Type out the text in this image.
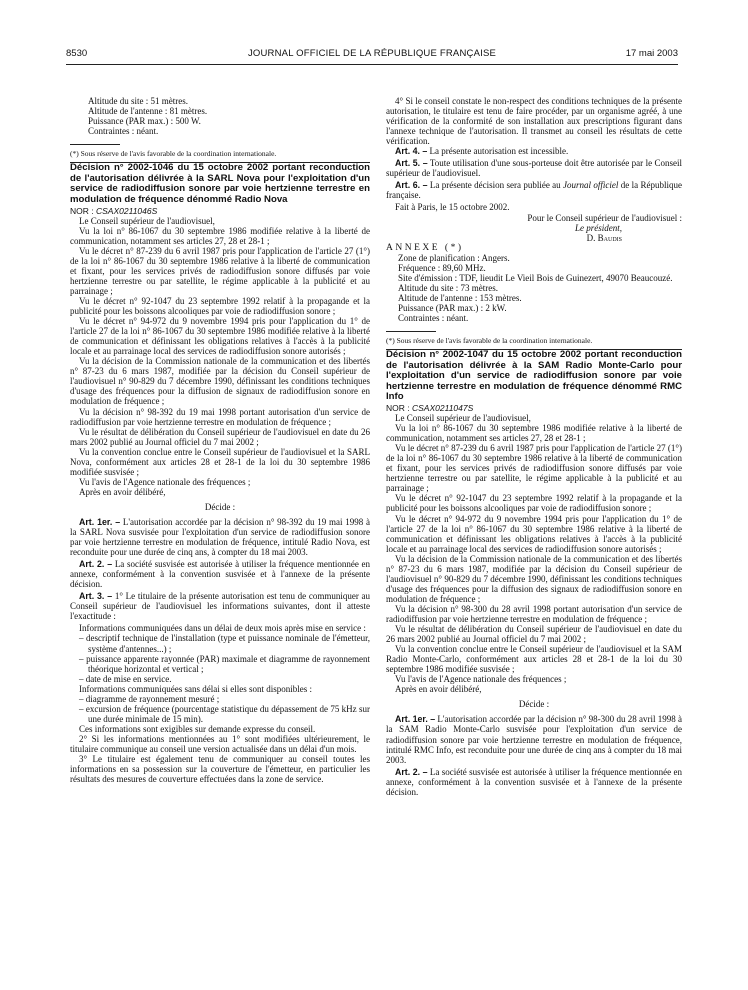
8530	JOURNAL OFFICIEL DE LA RÉPUBLIQUE FRANÇAISE	17 mai 2003
Altitude du site : 51 mètres.
Altitude de l'antenne : 81 mètres.
Puissance (PAR max.) : 500 W.
Contraintes : néant.

(*) Sous réserve de l'avis favorable de la coordination internationale.

Décision n° 2002-1046 du 15 octobre 2002 portant reconduction de l'autorisation délivrée à la SARL Nova pour l'exploitation d'un service de radiodiffusion sonore par voie hertzienne terrestre en modulation de fréquence dénommé Radio Nova

NOR : CSAX0211046S

Le Conseil supérieur de l'audiovisuel,

Vu la loi n° 86-1067 du 30 septembre 1986 modifiée relative à la liberté de communication, notamment ses articles 27, 28 et 28-1 ;

Vu le décret n° 87-239 du 6 avril 1987 pris pour l'application de l'article 27 (1°) de la loi n° 86-1067 du 30 septembre 1986 relative à la liberté de communication et fixant, pour les services privés de radiodiffusion sonore diffusés par voie hertzienne terrestre ou par satellite, le régime applicable à la publicité et au parrainage ;

Vu le décret n° 92-1047 du 23 septembre 1992 relatif à la propagande et la publicité pour les boissons alcooliques par voie de radiodiffusion sonore ;

Vu le décret n° 94-972 du 9 novembre 1994 pris pour l'application du 1° de l'article 27 de la loi n° 86-1067 du 30 septembre 1986 modifiée relative à la liberté de communication et définissant les obligations relatives à l'accès à la publicité locale et au parrainage local des services de radiodiffusion sonore autorisés ;

Vu la décision de la Commission nationale de la communication et des libertés n° 87-23 du 6 mars 1987, modifiée par la décision du Conseil supérieur de l'audiovisuel n° 90-829 du 7 décembre 1990, définissant les conditions techniques d'usage des fréquences pour la diffusion de signaux de radiodiffusion sonore en modulation de fréquence ;

Vu la décision n° 98-392 du 19 mai 1998 portant autorisation d'un service de radiodiffusion par voie hertzienne terrestre en modulation de fréquence ;

Vu le résultat de délibération du Conseil supérieur de l'audiovisuel en date du 26 mars 2002 publié au Journal officiel du 7 mai 2002 ;

Vu la convention conclue entre le Conseil supérieur de l'audiovisuel et la SARL Nova, conformément aux articles 28 et 28-1 de la loi du 30 septembre 1986 modifiée susvisée ;

Vu l'avis de l'Agence nationale des fréquences ;

Après en avoir délibéré,

Décide :

Art. 1er. – L'autorisation accordée par la décision n° 98-392 du 19 mai 1998 à la SARL Nova susvisée pour l'exploitation d'un service de radiodiffusion sonore par voie hertzienne terrestre en modulation de fréquence, intitulé Radio Nova, est reconduite pour une durée de cinq ans, à compter du 18 mai 2003.

Art. 2. – La société susvisée est autorisée à utiliser la fréquence mentionnée en annexe, conformément à la convention susvisée et à l'annexe de la présente décision.

Art. 3. – 1° Le titulaire de la présente autorisation est tenu de communiquer au Conseil supérieur de l'audiovisuel les informations suivantes, dont il atteste l'exactitude :

Informations communiquées dans un délai de deux mois après mise en service :

– descriptif technique de l'installation (type et puissance nominale de l'émetteur, système d'antennes...) ;
– puissance apparente rayonnée (PAR) maximale et diagramme de rayonnement théorique horizontal et vertical ;
– date de mise en service.

Informations communiquées sans délai si elles sont disponibles :

– diagramme de rayonnement mesuré ;
– excursion de fréquence (pourcentage statistique du dépassement de 75 kHz sur une durée minimale de 15 min).

Ces informations sont exigibles sur demande expresse du conseil.

2° Si les informations mentionnées au 1° sont modifiées ultérieurement, le titulaire communique au conseil une version actualisée dans un délai d'un mois.

3° Le titulaire est également tenu de communiquer au conseil toutes les informations en sa possession sur la couverture de l'émetteur, en particulier les résultats des mesures de couverture effectuées dans la zone de service.

4° Si le conseil constate le non-respect des conditions techniques de la présente autorisation, le titulaire est tenu de faire procéder, par un organisme agréé, à une vérification de la conformité de son installation aux prescriptions figurant dans l'annexe technique de l'autorisation. Il transmet au conseil les résultats de cette vérification.

Art. 4. – La présente autorisation est incessible.

Art. 5. – Toute utilisation d'une sous-porteuse doit être autorisée par le Conseil supérieur de l'audiovisuel.

Art. 6. – La présente décision sera publiée au Journal officiel de la République française.

Fait à Paris, le 15 octobre 2002.

Pour le Conseil supérieur de l'audiovisuel :

Le président,

D. Baudis

ANNEXE (*)

Zone de planification : Angers.
Fréquence : 89,60 MHz.
Site d'émission : TDF, lieudit Le Vieil Bois de Guinezert, 49070 Beaucouzé.
Altitude du site : 73 mètres.
Altitude de l'antenne : 153 mètres.
Puissance (PAR max.) : 2 kW.
Contraintes : néant.

(*) Sous réserve de l'avis favorable de la coordination internationale.

Décision n° 2002-1047 du 15 octobre 2002 portant reconduction de l'autorisation délivrée à la SAM Radio Monte-Carlo pour l'exploitation d'un service de radiodiffusion sonore par voie hertzienne terrestre en modulation de fréquence dénommé RMC Info

NOR : CSAX0211047S

Le Conseil supérieur de l'audiovisuel,

Vu la loi n° 86-1067 du 30 septembre 1986 modifiée relative à la liberté de communication, notamment ses articles 27, 28 et 28-1 ;

Vu le décret n° 87-239 du 6 avril 1987 pris pour l'application de l'article 27 (1°) de la loi n° 86-1067 du 30 septembre 1986 relative à la liberté de communication et fixant, pour les services privés de radiodiffusion sonore diffusés par voie hertzienne terrestre ou par satellite, le régime applicable à la publicité et au parrainage ;

Vu le décret n° 92-1047 du 23 septembre 1992 relatif à la propagande et la publicité pour les boissons alcooliques par voie de radiodiffusion sonore ;

Vu le décret n° 94-972 du 9 novembre 1994 pris pour l'application du 1° de l'article 27 de la loi n° 86-1067 du 30 septembre 1986 relative à la liberté de communication et définissant les obligations relatives à l'accès à la publicité locale et au parrainage local des services de radiodiffusion sonore autorisés ;

Vu la décision de la Commission nationale de la communication et des libertés n° 87-23 du 6 mars 1987, modifiée par la décision du Conseil supérieur de l'audiovisuel n° 90-829 du 7 décembre 1990, définissant les conditions techniques d'usage des fréquences pour la diffusion des signaux de radiodiffusion sonore en modulation de fréquence ;

Vu la décision n° 98-300 du 28 avril 1998 portant autorisation d'un service de radiodiffusion par voie hertzienne terrestre en modulation de fréquence ;

Vu le résultat de délibération du Conseil supérieur de l'audiovisuel en date du 26 mars 2002 publié au Journal officiel du 7 mai 2002 ;

Vu la convention conclue entre le Conseil supérieur de l'audiovisuel et la SAM Radio Monte-Carlo, conformément aux articles 28 et 28-1 de la loi du 30 septembre 1986 modifiée susvisée ;

Vu l'avis de l'Agence nationale des fréquences ;

Après en avoir délibéré,

Décide :

Art. 1er. – L'autorisation accordée par la décision n° 98-300 du 28 avril 1998 à la SAM Radio Monte-Carlo susvisée pour l'exploitation d'un service de radiodiffusion sonore par voie hertzienne terrestre en modulation de fréquence, intitulé RMC Info, est reconduite pour une durée de cinq ans à compter du 18 mai 2003.

Art. 2. – La société susvisée est autorisée à utiliser la fréquence mentionnée en annexe, conformément à la convention susvisée et à l'annexe de la présente décision.
